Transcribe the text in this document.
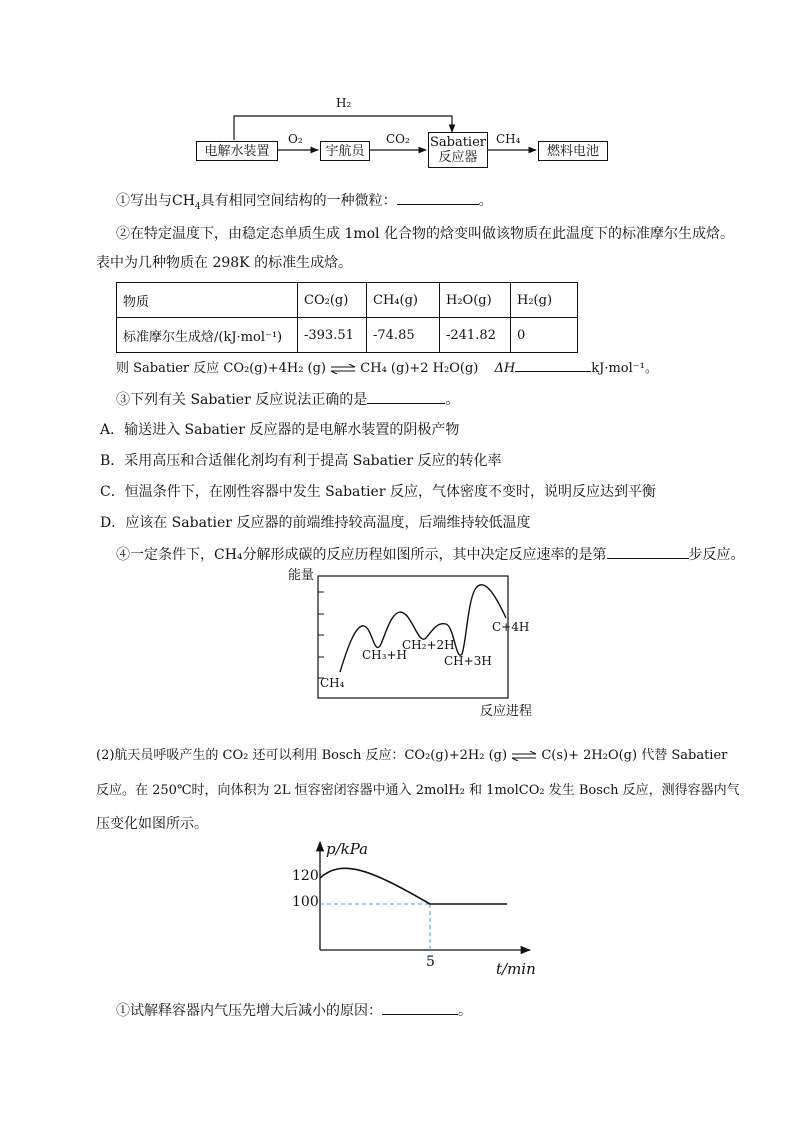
H₂
O₂	CO₂	CH₄
电解水装置	宇航员
Sabatier
反应器	燃料电池
①写出与$CH_4$具有相同空间结构的一种微粒：	。
②在特定温度下，由稳定态单质生成 1mol 化合物的焓变叫做该物质在此温度下的标准摩尔生成焓。
表中为几种物质在 298K 的标准生成焓。
物质	CO₂(g)	CH₄(g)	H₂O(g)	H₂(g)
标准摩尔生成焓/(kJ·mol⁻¹)	-393.51	-74.85	-241.82	0
则 Sabatier 反应 CO₂(g)+4H₂ (g) ⇌ CH₄ (g)+2 H₂O(g) ΔH	kJ·mol⁻¹。
③下列有关 Sabatier 反应说法正确的是	。
A．输送进入 Sabatier 反应器的是电解水装置的阴极产物
B．采用高压和合适催化剂均有利于提高 Sabatier 反应的转化率
C．恒温条件下，在刚性容器中发生 Sabatier 反应，气体密度不变时，说明反应达到平衡
D．应该在 Sabatier 反应器的前端维持较高温度，后端维持较低温度
④一定条件下，CH₄分解形成碳的反应历程如图所示，其中决定反应速率的是第	步反应。
能量
反应进程
CH₄
CH₃+H
CH₂+2H
CH+3H
C+4H
(2)航天员呼吸产生的 CO₂ 还可以利用 Bosch 反应：CO₂(g)+2H₂ (g) ⇌ C(s)+ 2H₂O(g) 代替 Sabatier
反应。在 250℃时，向体积为 2L 恒容密闭容器中通入 2molH₂ 和 1molCO₂ 发生 Bosch 反应，测得容器内气
压变化如图所示。
p/kPa
t/min
120
100
5
①试解释容器内气压先增大后减小的原因：	。
